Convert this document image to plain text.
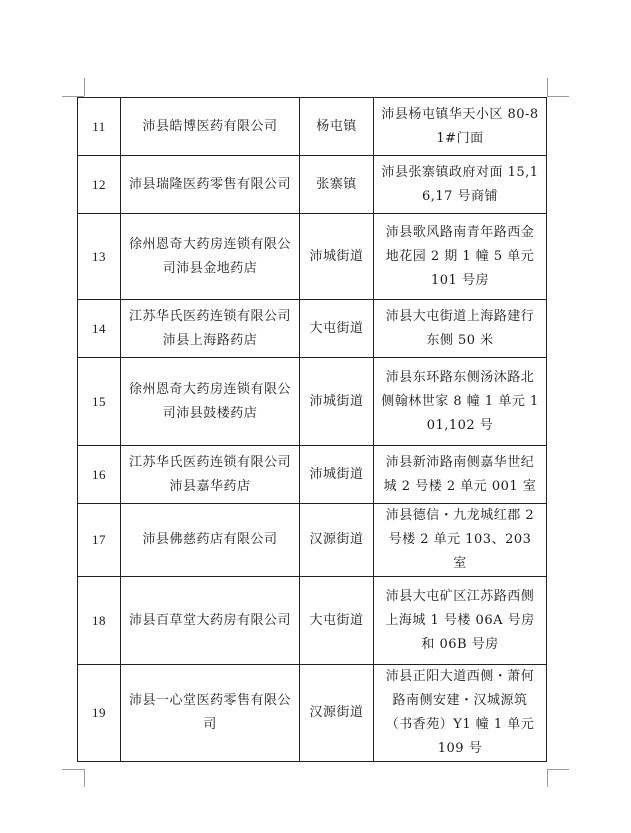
11	沛县皓博医药有限公司	杨屯镇	沛县杨屯镇华天小区 80-81#门面
12	沛县瑞隆医药零售有限公司	张寨镇	沛县张寨镇政府对面 15,16,17 号商铺
13	徐州恩奇大药房连锁有限公司沛县金地药店	沛城街道	沛县歌风路南青年路西金地花园 2 期 1 幢 5 单元 101 号房
14	江苏华氏医药连锁有限公司沛县上海路药店	大屯街道	沛县大屯街道上海路建行东侧 50 米
15	徐州恩奇大药房连锁有限公司沛县鼓楼药店	沛城街道	沛县东环路东侧汤沐路北侧翰林世家 8 幢 1 单元 101,102 号
16	江苏华氏医药连锁有限公司沛县嘉华药店	沛城街道	沛县新沛路南侧嘉华世纪城 2 号楼 2 单元 001 室
17	沛县佛慈药店有限公司	汉源街道	沛县德信・九龙城红郡 2 号楼 2 单元 103、203 室
18	沛县百草堂大药房有限公司	大屯街道	沛县大屯矿区江苏路西侧上海城 1 号楼 06A 号房和 06B 号房
19	沛县一心堂医药零售有限公司	汉源街道	沛县正阳大道西侧・萧何路南侧安建・汉城源筑（书香苑）Y1 幢 1 单元 109 号
